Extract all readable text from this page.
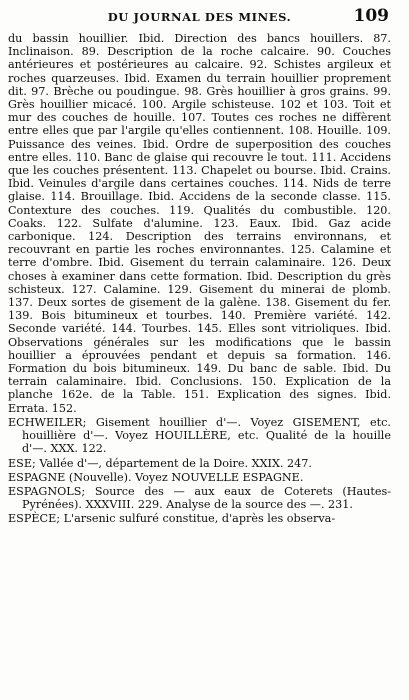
DU JOURNAL DES MINES.	109

du bassin houillier. Ibid. Direction des bancs houillers. 87. Inclinaison. 89. Description de la roche calcaire. 90. Couches antérieures et postérieures au calcaire. 92. Schistes argileux et roches quarzeuses. Ibid. Examen du terrain houillier proprement dit. 97. Brèche ou poudingue. 98. Grès houillier à gros grains. 99. Grès houillier micacé. 100. Argile schisteuse. 102 et 103. Toit et mur des couches de houille. 107. Toutes ces roches ne diffèrent entre elles que par l'argile qu'elles contiennent. 108. Houille. 109. Puissance des veines. Ibid. Ordre de superposition des couches entre elles. 110. Banc de glaise qui recouvre le tout. 111. Accidens que les couches présentent. 113. Chapelet ou bourse. Ibid. Crains. Ibid. Veinules d'argile dans certaines couches. 114. Nids de terre glaise. 114. Brouillage. Ibid. Accidens de la seconde classe. 115. Contexture des couches. 119. Qualités du combustible. 120. Coaks. 122. Sulfate d'alumine. 123. Eaux. Ibid. Gaz acide carbonique. 124. Description des terrains environnans, et recouvrant en partie les roches environnantes. 125. Calamine et terre d'ombre. Ibid. Gisement du terrain calaminaire. 126. Deux choses à examiner dans cette formation. Ibid. Description du grès schisteux. 127. Calamine. 129. Gisement du minerai de plomb. 137. Deux sortes de gisement de la galène. 138. Gisement du fer. 139. Bois bitumineux et tourbes. 140. Première variété. 142. Seconde variété. 144. Tourbes. 145. Elles sont vitrioliques. Ibid. Observations générales sur les modifications que le bassin houillier a éprouvées pendant et depuis sa formation. 146. Formation du bois bitumineux. 149. Du banc de sable. Ibid. Du terrain calaminaire. Ibid. Conclusions. 150. Explication de la planche 162e. de la Table. 151. Explication des signes. Ibid. Errata. 152.

ECHWEILER; Gisement houillier d'—. Voyez GISEMENT, etc. houillière d'—. Voyez HOUILLÈRE, etc. Qualité de la houille d'—. XXX. 122.

ESE; Vallée d'—, département de la Doire. XXIX. 247.

ESPAGNE (Nouvelle). Voyez NOUVELLE ESPAGNE.

ESPAGNOLS; Source des — aux eaux de Coterets (Hautes-Pyrénées). XXXVIII. 229. Analyse de la source des —. 231.

ESPÈCE; L'arsenic sulfuré constitue, d'après les observa-
